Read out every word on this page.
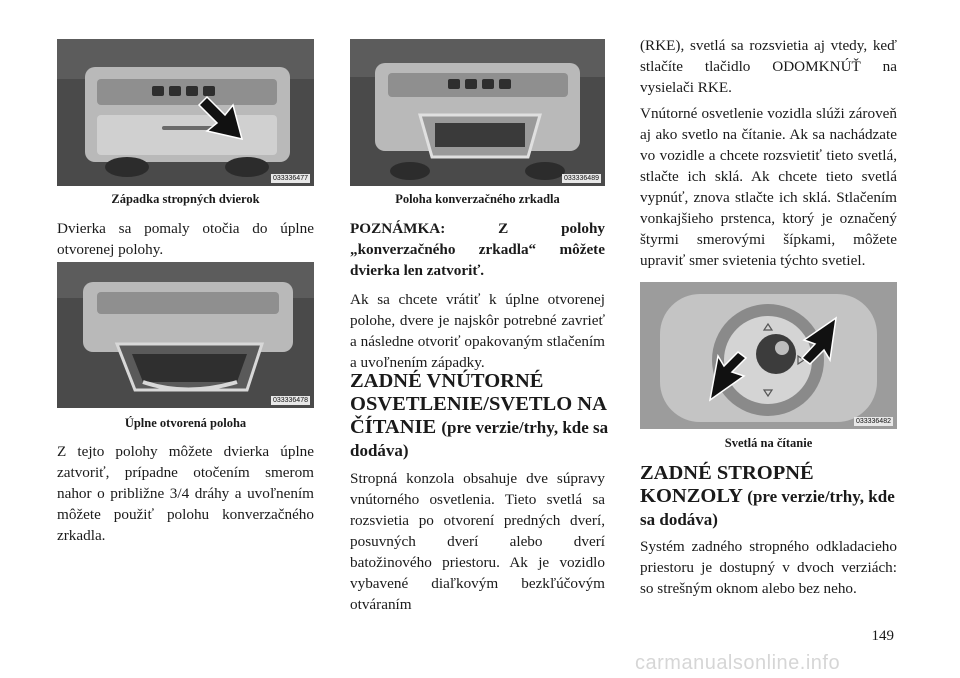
033336477
Západka stropných dvierok

Dvierka sa pomaly otočia do úplne otvorenej polohy.

033336478
Úplne otvorená poloha

Z tejto polohy môžete dvierka úplne zatvoriť, prípadne otočením smerom nahor o približne 3/4 dráhy a uvoľnením môžete použiť polohu konverzačného zrkadla.

033336489
Poloha konverzačného zrkadla

POZNÁMKA: Z polohy „konverzačného zrkadla“ môžete dvierka len zatvoriť.

Ak sa chcete vrátiť k úplne otvorenej polohe, dvere je najskôr potrebné zavrieť a následne otvoriť opakovaným stlačením a uvoľnením západky.

ZADNÉ VNÚTORNÉ OSVETLENIE/SVETLO NA ČÍTANIE (pre verzie/trhy, kde sa dodáva)

Stropná konzola obsahuje dve súpravy vnútorného osvetlenia. Tieto svetlá sa rozsvietia po otvorení predných dverí, posuvných dverí alebo dverí batožinového priestoru. Ak je vozidlo vybavené diaľkovým bezkľúčovým otváraním

(RKE), svetlá sa rozsvietia aj vtedy, keď stlačíte tlačidlo ODOMKNÚŤ na vysielači RKE.

Vnútorné osvetlenie vozidla slúži zároveň aj ako svetlo na čítanie. Ak sa nachádzate vo vozidle a chcete rozsvietiť tieto svetlá, stlačte ich sklá. Ak chcete tieto svetlá vypnúť, znova stlačte ich sklá. Stlačením vonkajšieho prstenca, ktorý je označený štyrmi smerovými šípkami, môžete upraviť smer svietenia týchto svetiel.

033336482
Svetlá na čítanie
ZADNÉ STROPNÉ KONZOLY (pre verzie/trhy, kde sa dodáva)

Systém zadného stropného odkladacieho priestoru je dostupný v dvoch verziách: so strešným oknom alebo bez neho.

149
carmanualsonline.info
